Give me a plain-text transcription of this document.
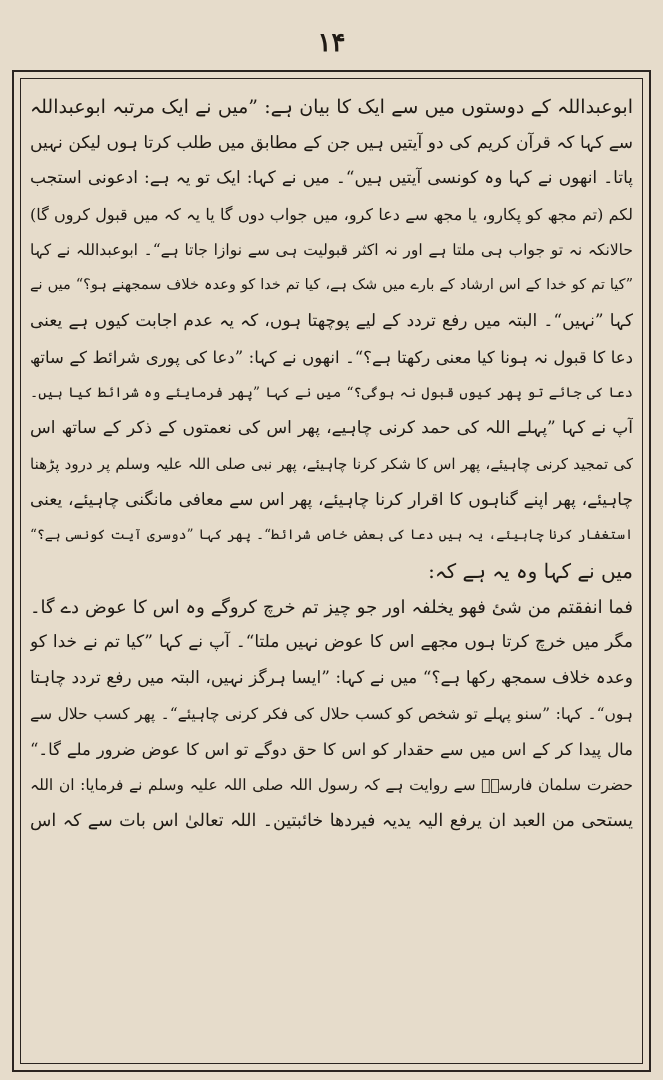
۱۴
ابوعبداللہ کے دوستوں میں سے ایک کا بیان ہے: ”میں نے ایک مرتبہ ابوعبداللہ
سے کہا کہ قرآن کریم کی دو آیتیں ہیں جن کے مطابق میں طلب کرتا ہوں لیکن نہیں
پاتا۔ انھوں نے کہا وہ کونسی آیتیں ہیں“۔ میں نے کہا: ایک تو یہ ہے: ادعونی استجب
لکم (تم مجھ کو پکارو، یا مجھ سے دعا کرو، میں جواب دوں گا یا یہ کہ میں قبول کروں گا)
حالانکہ نہ تو جواب ہی ملتا ہے اور نہ اکثر قبولیت ہی سے نوازا جاتا ہے“۔ ابوعبداللہ نے کہا
”کیا تم کو خدا کے اس ارشاد کے بارے میں شک ہے، کیا تم خدا کو وعدہ خلاف سمجھنے ہو؟“ میں نے
کہا ”نہیں“۔ البتہ میں رفع تردد کے لیے پوچھتا ہوں، کہ یہ عدم اجابت کیوں ہے یعنی
دعا کا قبول نہ ہونا کیا معنی رکھتا ہے؟“۔ انھوں نے کہا: ”دعا کی پوری شرائط کے ساتھ
دعا کی جائے تو پھر کیوں قبول نہ ہوگی؟“ میں نے کہا ”پھر فرمایئے وہ شرائط کیا ہیں۔
آپ نے کہا ”پہلے اللہ کی حمد کرنی چاہیے، پھر اس کی نعمتوں کے ذکر کے ساتھ اس
کی تمجید کرنی چاہیئے، پھر اس کا شکر کرنا چاہیئے، پھر نبی صلی اللہ علیہ وسلم پر درود پڑھنا
چاہیئے، پھر اپنے گناہوں کا اقرار کرنا چاہیئے، پھر اس سے معافی مانگنی چاہیئے، یعنی
استغفار کرنا چاہیئے، یہ ہیں دعا کی بعض خاص شرائط“۔ پھر کہا ”دوسری آیت کونسی ہے؟“
میں نے کہا وہ یہ ہے کہ:
فما انفقتم من شئ فھو یخلفہ اور جو چیز تم خرچ کروگے وہ اس کا عوض دے گا۔
مگر میں خرچ کرتا ہوں مجھے اس کا عوض نہیں ملتا“۔ آپ نے کہا ”کیا تم نے خدا کو
وعدہ خلاف سمجھ رکھا ہے؟“ میں نے کہا: ”ایسا ہرگز نہیں، البتہ میں رفع تردد چاہتا
ہوں“۔ کہا: ”سنو پہلے تو شخص کو کسب حلال کی فکر کرنی چاہیئے“۔ پھر کسب حلال سے
مال پیدا کر کے اس میں سے حقدار کو اس کا حق دوگے تو اس کا عوض ضرور ملے گا۔“
حضرت سلمان فارسیؓ سے روایت ہے کہ رسول اللہ صلی اللہ علیہ وسلم نے فرمایا: ان اللہ
یستحی من العبد ان یرفع الیہ یدیہ فیردھا خائبتین۔ اللہ تعالیٰ اس بات سے کہ اس
